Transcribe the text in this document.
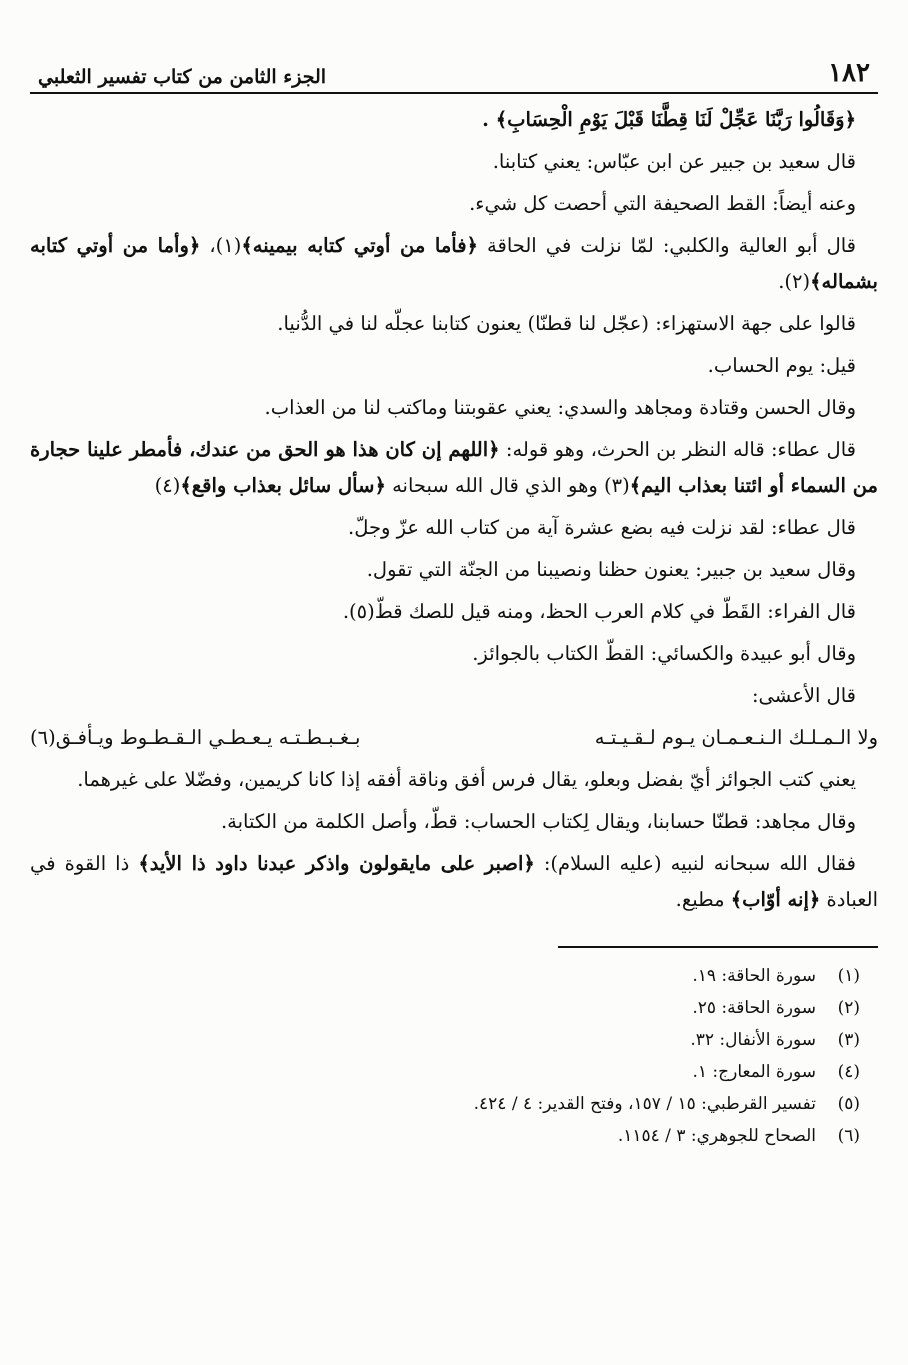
١٨٢
الجزء الثامن من كتاب تفسير الثعلبي

﴿وَقَالُوا رَبَّنَا عَجِّلْ لَنَا قِطَّنَا قَبْلَ يَوْمِ الْحِسَابِ﴾ .

قال سعيد بن جبير عن ابن عبّاس: يعني كتابنا.

وعنه أيضاً: القط الصحيفة التي أحصت كل شيء.

قال أبو العالية والكلبي: لمّا نزلت في الحاقة ﴿فأما من أوتي كتابه بيمينه﴾(١)، ﴿وأما من أوتي كتابه بشماله﴾(٢).

قالوا على جهة الاستهزاء: (عجّل لنا قطنّا) يعنون كتابنا عجلّه لنا في الدُّنيا.

قيل: يوم الحساب.

وقال الحسن وقتادة ومجاهد والسدي: يعني عقوبتنا وماكتب لنا من العذاب.

قال عطاء: قاله النظر بن الحرث، وهو قوله: ﴿اللهم إن كان هذا هو الحق من عندك، فأمطر علينا حجارة من السماء أو ائتنا بعذاب اليم﴾(٣) وهو الذي قال الله سبحانه ﴿سأل سائل بعذاب واقع﴾(٤)

قال عطاء: لقد نزلت فيه بضع عشرة آية من كتاب الله عزّ وجلّ.

وقال سعيد بن جبير: يعنون حظنا ونصيبنا من الجنّة التي تقول.

قال الفراء: القَطّ في كلام العرب الحظ، ومنه قيل للصك قطّ(٥).

وقال أبو عبيدة والكسائي: القطّ الكتاب بالجوائز.

قال الأعشى:

ولا الـمـلـك الـنـعـمـان يـوم لـقـيـتـه
بـغـبـطـتـه يـعـطـي الـقـطـوط ويـأفـق(٦)

يعني كتب الجوائز أيّ بفضل وبعلو، يقال فرس أفق وناقة أفقه إذا كانا كريمين، وفضّلا على غيرهما.

وقال مجاهد: قطنّا حسابنا، ويقال لِكتاب الحساب: قطّ، وأصل الكلمة من الكتابة.

فقال الله سبحانه لنبيه (عليه السلام): ﴿اصبر على مايقولون واذكر عبدنا داود ذا الأيد﴾ ذا القوة في العبادة ﴿إنه أوّاب﴾ مطيع.

(١)
سورة الحاقة: ١٩.
(٢)
سورة الحاقة: ٢٥.
(٣)
سورة الأنفال: ٣٢.
(٤)
سورة المعارج: ١.
(٥)
تفسير القرطبي: ١٥ / ١٥٧، وفتح القدير: ٤ / ٤٢٤.
(٦)
الصحاح للجوهري: ٣ / ١١٥٤.
